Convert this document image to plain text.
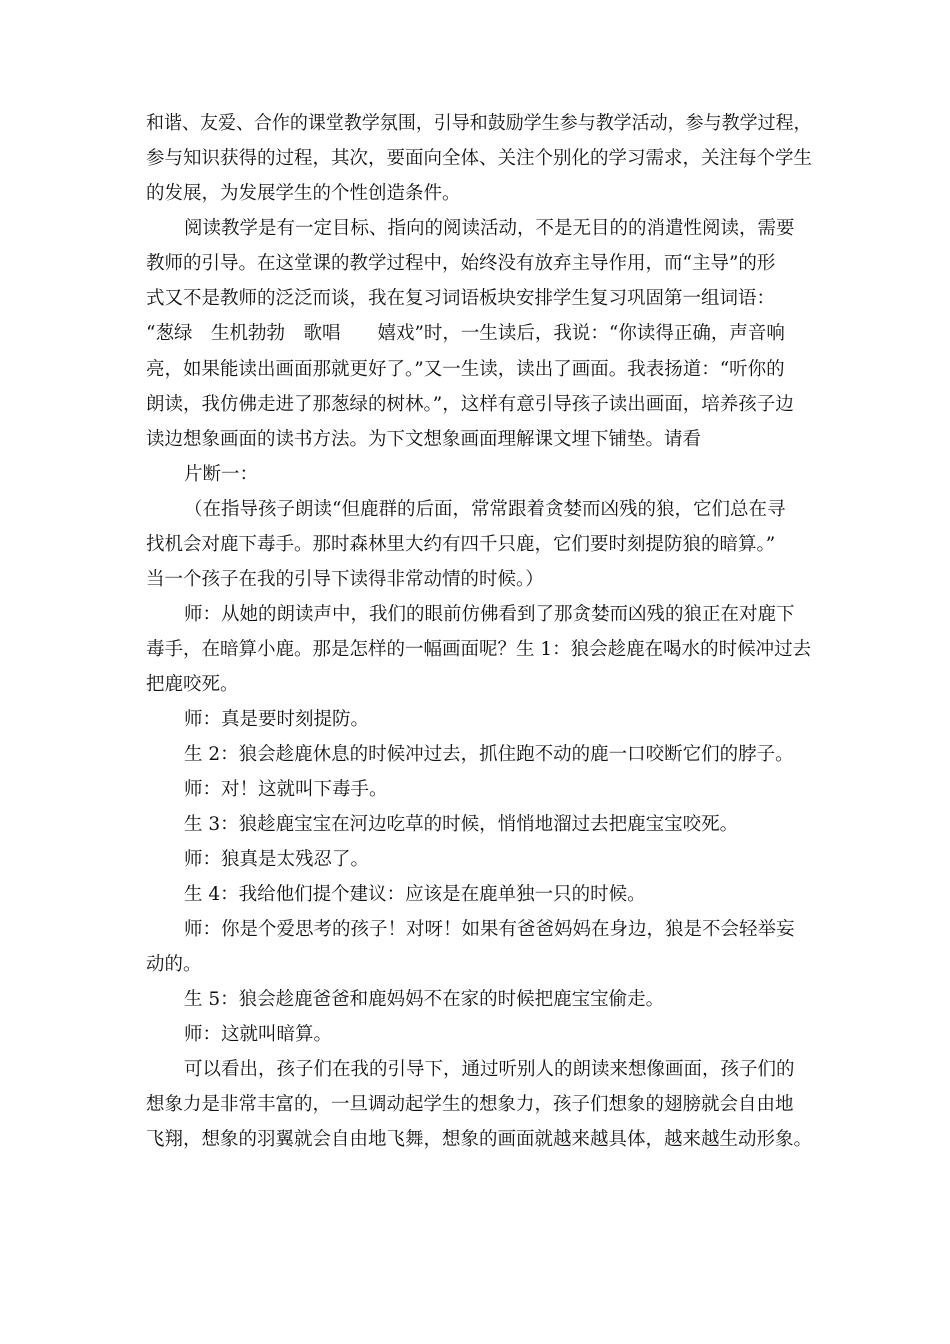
和谐、友爱、合作的课堂教学氛围，引导和鼓励学生参与教学活动，参与教学过程，
参与知识获得的过程，其次，要面向全体、关注个别化的学习需求，关注每个学生
的发展，为发展学生的个性创造条件。
阅读教学是有一定目标、指向的阅读活动，不是无目的的消遣性阅读，需要
教师的引导。在这堂课的教学过程中，始终没有放弃主导作用，而“主导”的形
式又不是教师的泛泛而谈，我在复习词语板块安排学生复习巩固第一组词语：
“葱绿　生机勃勃　歌唱　　嬉戏”时，一生读后，我说：“你读得正确，声音响
亮，如果能读出画面那就更好了。”又一生读，读出了画面。我表扬道：“听你的
朗读，我仿佛走进了那葱绿的树林。”，这样有意引导孩子读出画面，培养孩子边
读边想象画面的读书方法。为下文想象画面理解课文埋下铺垫。请看
片断一：
（在指导孩子朗读“但鹿群的后面，常常跟着贪婪而凶残的狼，它们总在寻
找机会对鹿下毒手。那时森林里大约有四千只鹿，它们要时刻提防狼的暗算。”
当一个孩子在我的引导下读得非常动情的时候。）
师：从她的朗读声中，我们的眼前仿佛看到了那贪婪而凶残的狼正在对鹿下
毒手，在暗算小鹿。那是怎样的一幅画面呢？生 1：狼会趁鹿在喝水的时候冲过去
把鹿咬死。
师：真是要时刻提防。
生 2：狼会趁鹿休息的时候冲过去，抓住跑不动的鹿一口咬断它们的脖子。
师：对！这就叫下毒手。
生 3：狼趁鹿宝宝在河边吃草的时候，悄悄地溜过去把鹿宝宝咬死。
师：狼真是太残忍了。
生 4：我给他们提个建议：应该是在鹿单独一只的时候。
师：你是个爱思考的孩子！对呀！如果有爸爸妈妈在身边，狼是不会轻举妄
动的。
生 5：狼会趁鹿爸爸和鹿妈妈不在家的时候把鹿宝宝偷走。
师：这就叫暗算。
可以看出，孩子们在我的引导下，通过听别人的朗读来想像画面，孩子们的
想象力是非常丰富的，一旦调动起学生的想象力，孩子们想象的翅膀就会自由地
飞翔，想象的羽翼就会自由地飞舞，想象的画面就越来越具体，越来越生动形象。
